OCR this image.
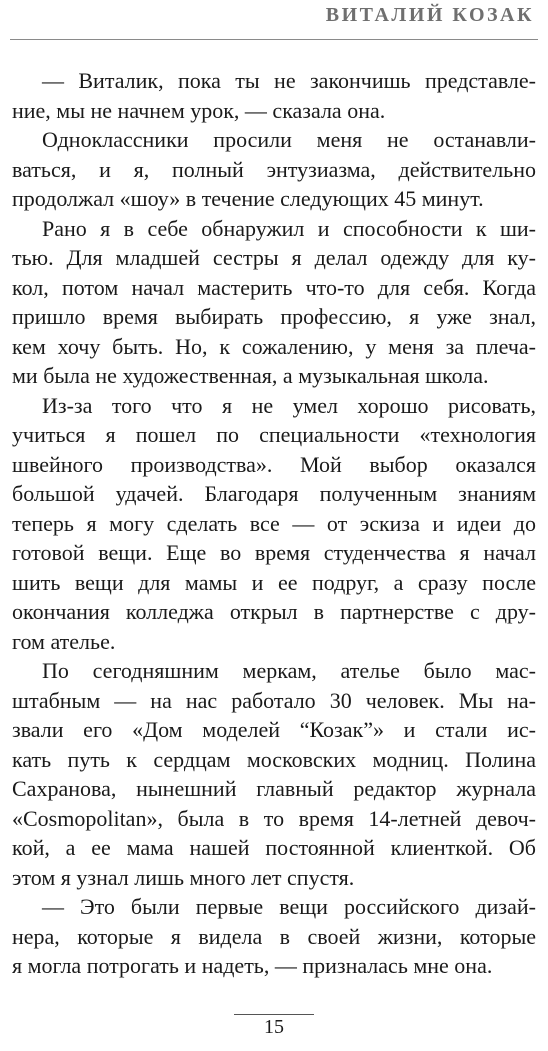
ВИТАЛИЙ КОЗАК
— Виталик, пока ты не закончишь представле-
ние, мы не начнем урок, — сказала она.
Одноклассники просили меня не останавли-
ваться, и я, полный энтузиазма, действительно
продолжал «шоу» в течение следующих 45 минут.
Рано я в себе обнаружил и способности к ши-
тью. Для младшей сестры я делал одежду для ку-
кол, потом начал мастерить что-то для себя. Когда
пришло время выбирать профессию, я уже знал,
кем хочу быть. Но, к сожалению, у меня за плеча-
ми была не художественная, а музыкальная школа.
Из-за того что я не умел хорошо рисовать,
учиться я пошел по специальности «технология
швейного производства». Мой выбор оказался
большой удачей. Благодаря полученным знаниям
теперь я могу сделать все — от эскиза и идеи до
готовой вещи. Еще во время студенчества я начал
шить вещи для мамы и ее подруг, а сразу после
окончания колледжа открыл в партнерстве с дру-
гом ателье.
По сегодняшним меркам, ателье было мас-
штабным — на нас работало 30 человек. Мы на-
звали его «Дом моделей “Козак”» и стали ис-
кать путь к сердцам московских модниц. Полина
Сахранова, нынешний главный редактор журнала
«Cosmopolitan», была в то время 14-летней девоч-
кой, а ее мама нашей постоянной клиенткой. Об
этом я узнал лишь много лет спустя.
— Это были первые вещи российского дизай-
нера, которые я видела в своей жизни, которые
я могла потрогать и надеть, — призналась мне она.
15
